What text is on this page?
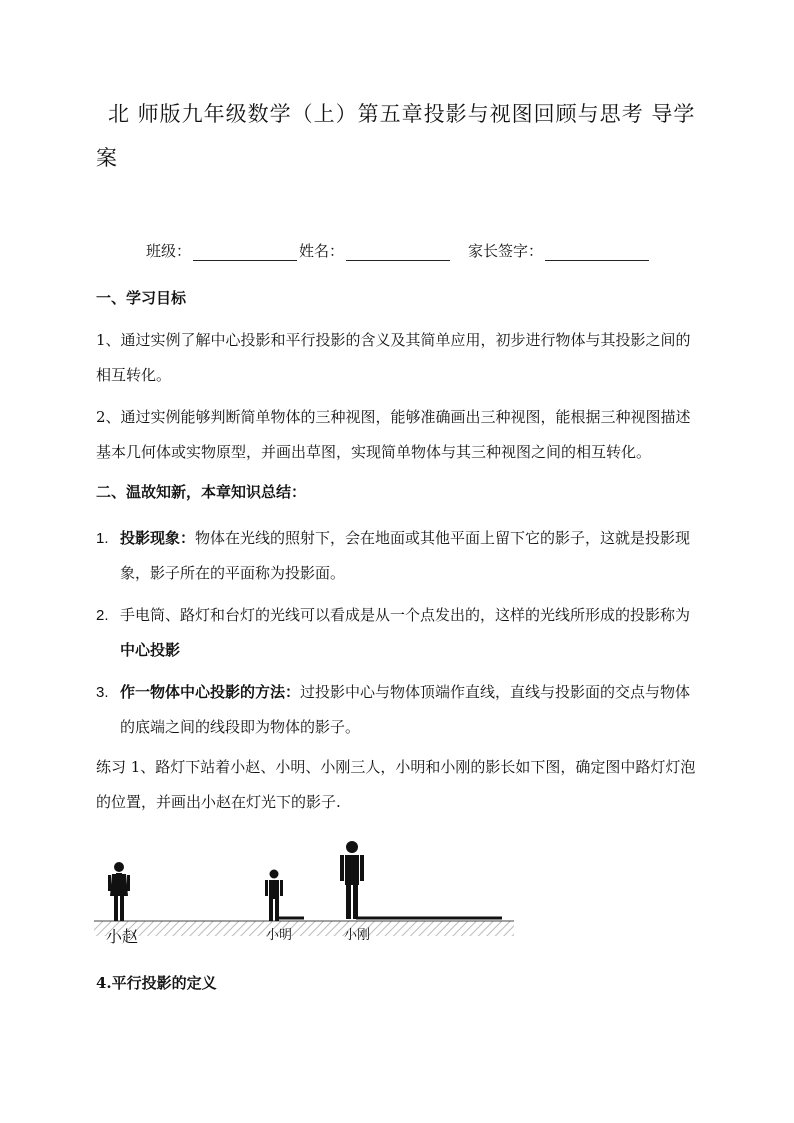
北 师版九年级数学（上）第五章投影与视图回顾与思考 导学案
班级：	姓名：	家长签字：
一、学习目标
1、通过实例了解中心投影和平行投影的含义及其简单应用，初步进行物体与其投影之间的相互转化。
2、通过实例能够判断简单物体的三种视图，能够准确画出三种视图，能根据三种视图描述基本几何体或实物原型，并画出草图，实现简单物体与其三种视图之间的相互转化。
二、温故知新，本章知识总结：
1. 投影现象：物体在光线的照射下，会在地面或其他平面上留下它的影子，这就是投影现象，影子所在的平面称为投影面。
2. 手电筒、路灯和台灯的光线可以看成是从一个点发出的，这样的光线所形成的投影称为中心投影
3. 作一物体中心投影的方法：过投影中心与物体顶端作直线，直线与投影面的交点与物体的底端之间的线段即为物体的影子。
练习 1、路灯下站着小赵、小明、小刚三人，小明和小刚的影长如下图，确定图中路灯灯泡的位置，并画出小赵在灯光下的影子.
小赵	小明	小刚
4.平行投影的定义
